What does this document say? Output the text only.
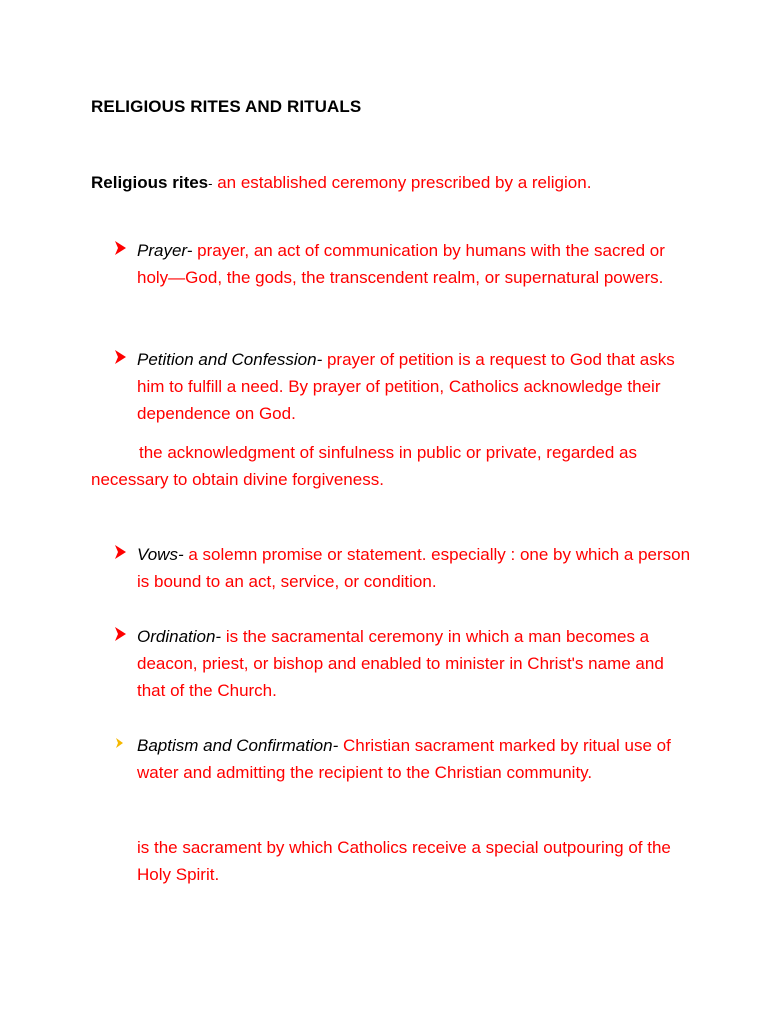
RELIGIOUS RITES AND RITUALS
Religious rites- an established ceremony prescribed by a religion.
Prayer- prayer, an act of communication by humans with the sacred or holy—God, the gods, the transcendent realm, or supernatural powers.
Petition and Confession- prayer of petition is a request to God that asks him to fulfill a need. By prayer of petition, Catholics acknowledge their dependence on God.
the acknowledgment of sinfulness in public or private, regarded as necessary to obtain divine forgiveness.
Vows- a solemn promise or statement. especially : one by which a person is bound to an act, service, or condition.
Ordination- is the sacramental ceremony in which a man becomes a deacon, priest, or bishop and enabled to minister in Christ's name and that of the Church.
Baptism and Confirmation- Christian sacrament marked by ritual use of water and admitting the recipient to the Christian community.
is the sacrament by which Catholics receive a special outpouring of the Holy Spirit.
